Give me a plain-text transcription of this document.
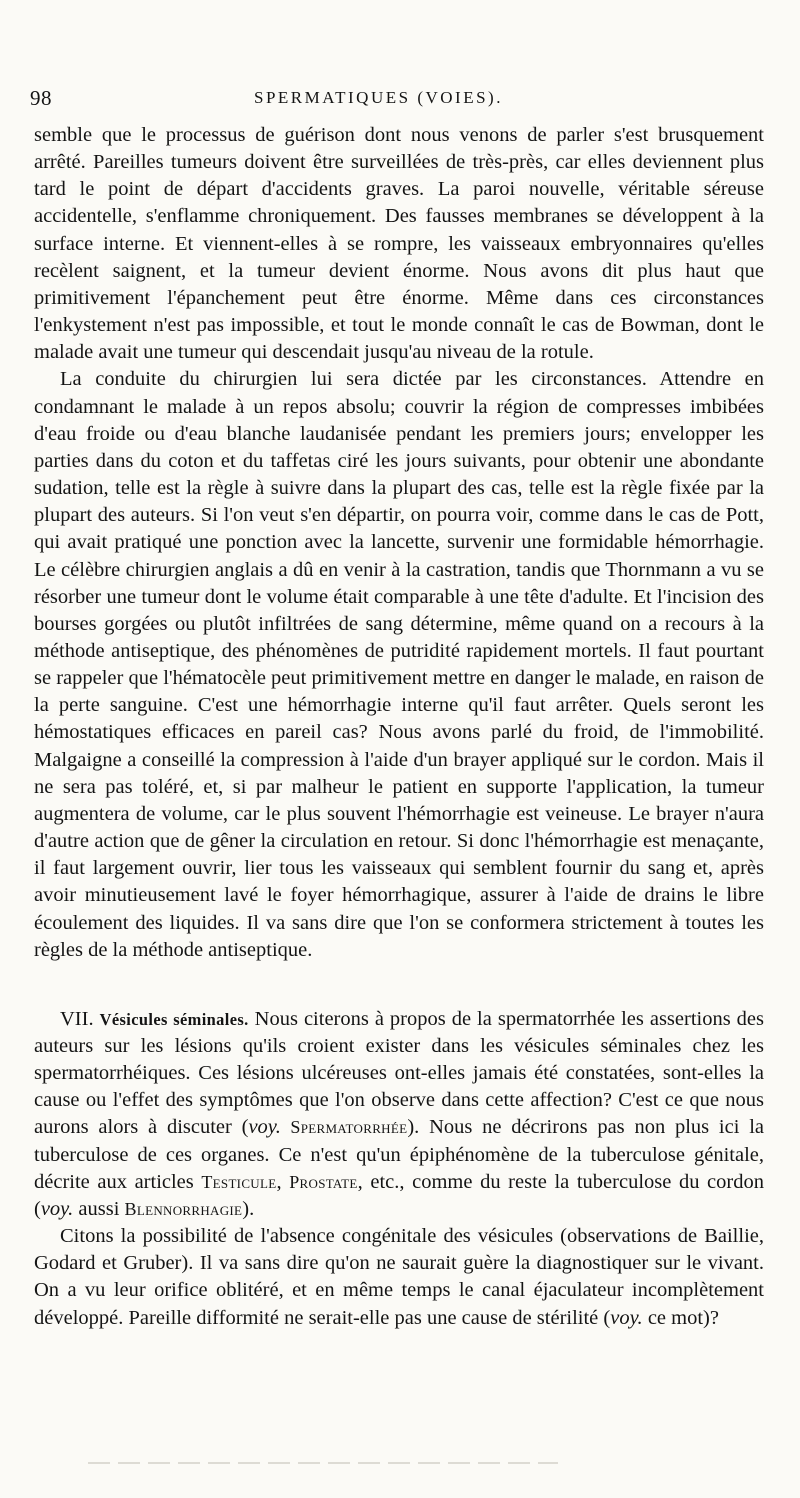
98	SPERMATIQUES (VOIES).

semble que le processus de guérison dont nous venons de parler s'est brusquement arrêté. Pareilles tumeurs doivent être surveillées de très-près, car elles deviennent plus tard le point de départ d'accidents graves. La paroi nouvelle, véritable séreuse accidentelle, s'enflamme chroniquement. Des fausses membranes se développent à la surface interne. Et viennent-elles à se rompre, les vaisseaux embryonnaires qu'elles recèlent saignent, et la tumeur devient énorme. Nous avons dit plus haut que primitivement l'épanchement peut être énorme. Même dans ces circonstances l'enkystement n'est pas impossible, et tout le monde connaît le cas de Bowman, dont le malade avait une tumeur qui descendait jusqu'au niveau de la rotule.

La conduite du chirurgien lui sera dictée par les circonstances. Attendre en condamnant le malade à un repos absolu; couvrir la région de compresses imbibées d'eau froide ou d'eau blanche laudanisée pendant les premiers jours; envelopper les parties dans du coton et du taffetas ciré les jours suivants, pour obtenir une abondante sudation, telle est la règle à suivre dans la plupart des cas, telle est la règle fixée par la plupart des auteurs. Si l'on veut s'en départir, on pourra voir, comme dans le cas de Pott, qui avait pratiqué une ponction avec la lancette, survenir une formidable hémorrhagie. Le célèbre chirurgien anglais a dû en venir à la castration, tandis que Thornmann a vu se résorber une tumeur dont le volume était comparable à une tête d'adulte. Et l'incision des bourses gorgées ou plutôt infiltrées de sang détermine, même quand on a recours à la méthode antiseptique, des phénomènes de putridité rapidement mortels. Il faut pourtant se rappeler que l'hématocèle peut primitivement mettre en danger le malade, en raison de la perte sanguine. C'est une hémorrhagie interne qu'il faut arrêter. Quels seront les hémostatiques efficaces en pareil cas? Nous avons parlé du froid, de l'immobilité. Malgaigne a conseillé la compression à l'aide d'un brayer appliqué sur le cordon. Mais il ne sera pas toléré, et, si par malheur le patient en supporte l'application, la tumeur augmentera de volume, car le plus souvent l'hémorrhagie est veineuse. Le brayer n'aura d'autre action que de gêner la circulation en retour. Si donc l'hémorrhagie est menaçante, il faut largement ouvrir, lier tous les vaisseaux qui semblent fournir du sang et, après avoir minutieusement lavé le foyer hémorrhagique, assurer à l'aide de drains le libre écoulement des liquides. Il va sans dire que l'on se conformera strictement à toutes les règles de la méthode antiseptique.

VII. Vésicules séminales. Nous citerons à propos de la spermatorrhée les assertions des auteurs sur les lésions qu'ils croient exister dans les vésicules séminales chez les spermatorrhéiques. Ces lésions ulcéreuses ont-elles jamais été constatées, sont-elles la cause ou l'effet des symptômes que l'on observe dans cette affection? C'est ce que nous aurons alors à discuter (voy. Spermatorrhée). Nous ne décrirons pas non plus ici la tuberculose de ces organes. Ce n'est qu'un épiphénomène de la tuberculose génitale, décrite aux articles Testicule, Prostate, etc., comme du reste la tuberculose du cordon (voy. aussi Blennorrhagie).

Citons la possibilité de l'absence congénitale des vésicules (observations de Baillie, Godard et Gruber). Il va sans dire qu'on ne saurait guère la diagnostiquer sur le vivant. On a vu leur orifice oblitéré, et en même temps le canal éjaculateur incomplètement développé. Pareille difformité ne serait-elle pas une cause de stérilité (voy. ce mot)?
